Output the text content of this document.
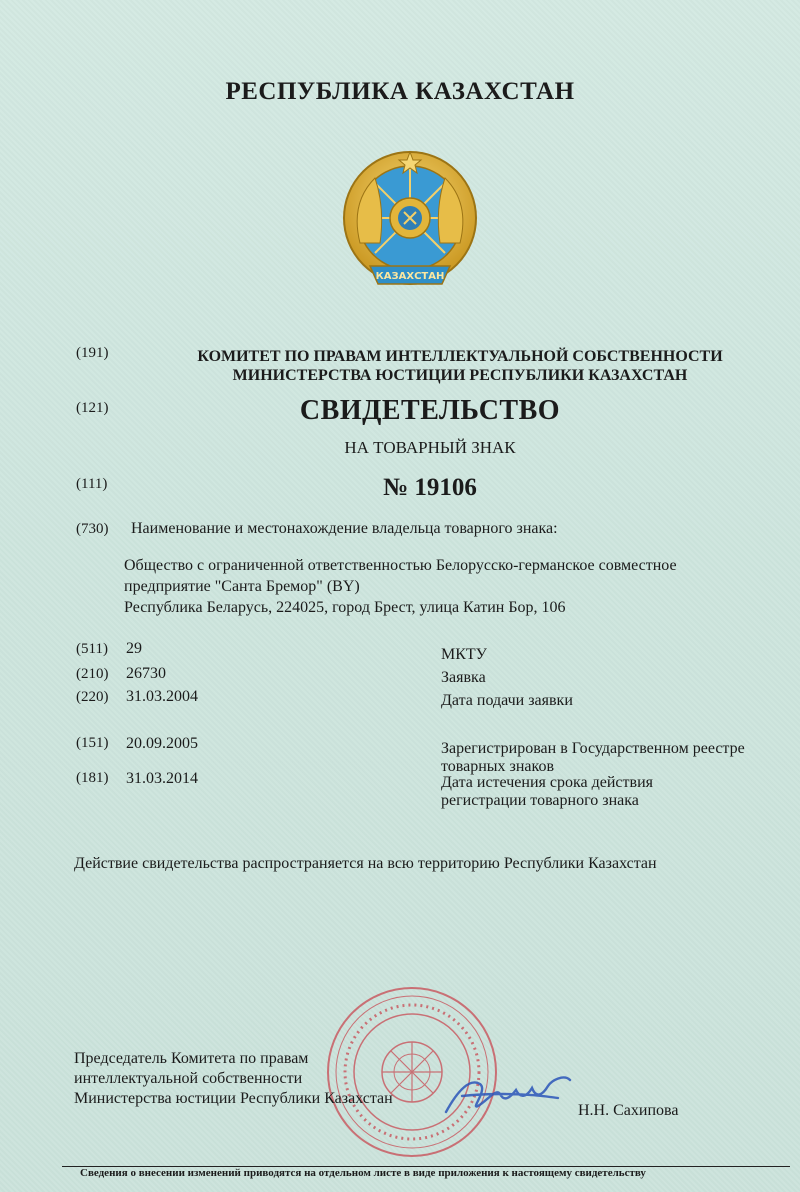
РЕСПУБЛИКА КАЗАХСТАН
КАЗАХСТАН
(191)	КОМИТЕТ ПО ПРАВАМ ИНТЕЛЛЕКТУАЛЬНОЙ СОБСТВЕННОСТИ
МИНИСТЕРСТВА ЮСТИЦИИ РЕСПУБЛИКИ КАЗАХСТАН
(121)	СВИДЕТЕЛЬСТВО
НА ТОВАРНЫЙ ЗНАК
(111)	№ 19106
(730) Наименование и местонахождение владельца товарного знака:
Общество с ограниченной ответственностью Белорусско-германское совместное
предприятие "Санта Бремор" (BY)
Республика Беларусь, 224025, город Брест, улица Катин Бор, 106
(511) 29	МКТУ
(210) 26730	Заявка
(220) 31.03.2004	Дата подачи заявки
(151) 20.09.2005	Зарегистрирован в Государственном реестре
товарных знаков
(181) 31.03.2014	Дата истечения срока действия
регистрации товарного знака
Действие свидетельства распространяется на всю территорию Республики Казахстан
Председатель Комитета по правам
интеллектуальной собственности
Министерства юстиции Республики Казахстан
Н.Н. Сахипова
Сведения о внесении изменений приводятся на отдельном листе в виде приложения к настоящему свидетельству
